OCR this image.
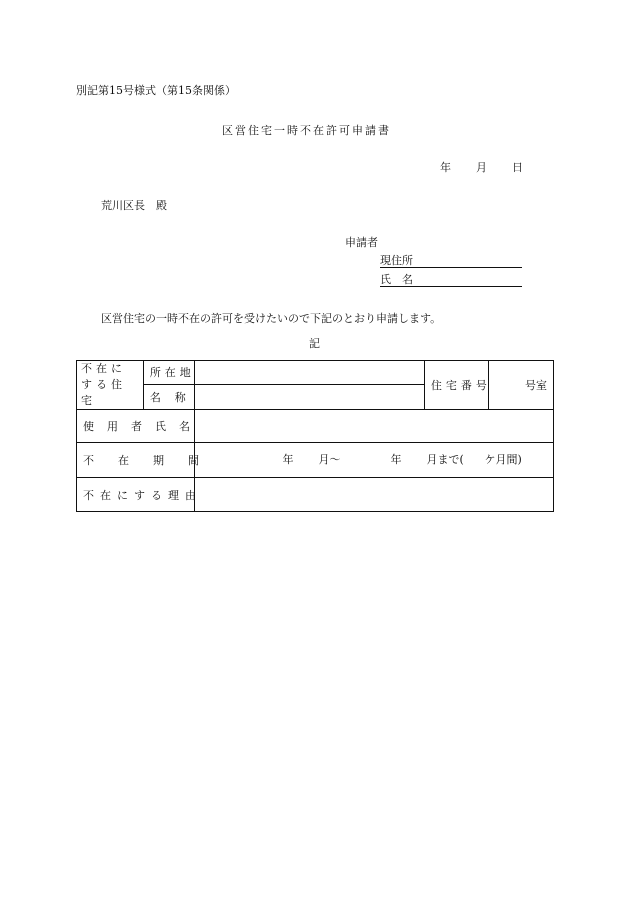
別記第15号様式（第15条関係）
区営住宅一時不在許可申請書
年 月 日
荒川区長　殿
申請者
現住所
氏　名
区営住宅の一時不在の許可を受けたいので下記のとおり申請します。
記
不在にする住宅	所在地		住宅番号	号室
	名称			
使用者氏名				
不在期間		年 月〜 年 月まで( ケ月間)		

不在にする理由				
